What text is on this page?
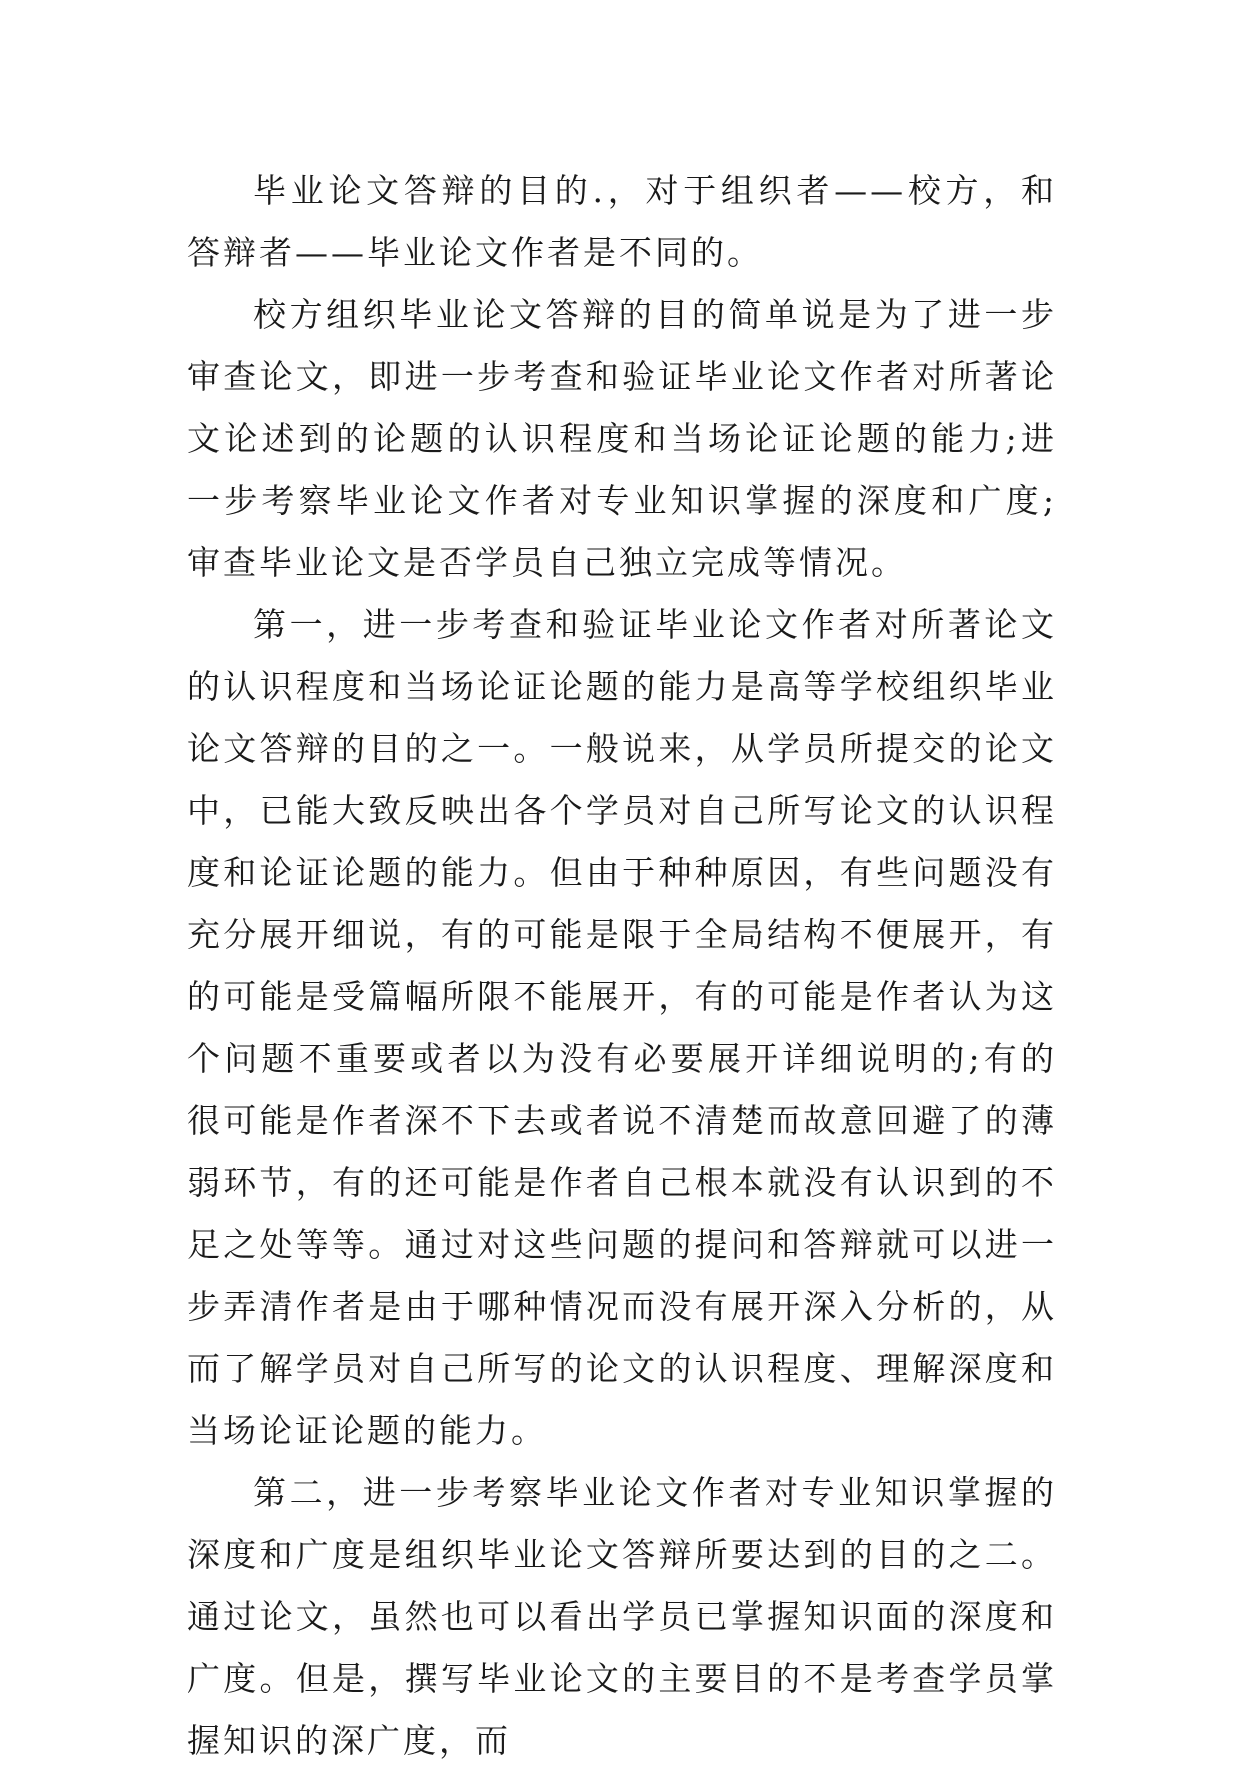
毕业论文答辩的目的.，对于组织者——校方，和答辩者——毕业论文作者是不同的。

校方组织毕业论文答辩的目的简单说是为了进一步审查论文，即进一步考查和验证毕业论文作者对所著论文论述到的论题的认识程度和当场论证论题的能力;进一步考察毕业论文作者对专业知识掌握的深度和广度;审查毕业论文是否学员自己独立完成等情况。

第一，进一步考查和验证毕业论文作者对所著论文的认识程度和当场论证论题的能力是高等学校组织毕业论文答辩的目的之一。一般说来，从学员所提交的论文中，已能大致反映出各个学员对自己所写论文的认识程度和论证论题的能力。但由于种种原因，有些问题没有充分展开细说，有的可能是限于全局结构不便展开，有的可能是受篇幅所限不能展开，有的可能是作者认为这个问题不重要或者以为没有必要展开详细说明的;有的很可能是作者深不下去或者说不清楚而故意回避了的薄弱环节，有的还可能是作者自己根本就没有认识到的不足之处等等。通过对这些问题的提问和答辩就可以进一步弄清作者是由于哪种情况而没有展开深入分析的，从而了解学员对自己所写的论文的认识程度、理解深度和当场论证论题的能力。

第二，进一步考察毕业论文作者对专业知识掌握的深度和广度是组织毕业论文答辩所要达到的目的之二。通过论文，虽然也可以看出学员已掌握知识面的深度和广度。但是，撰写毕业论文的主要目的不是考查学员掌握知识的深广度，而
